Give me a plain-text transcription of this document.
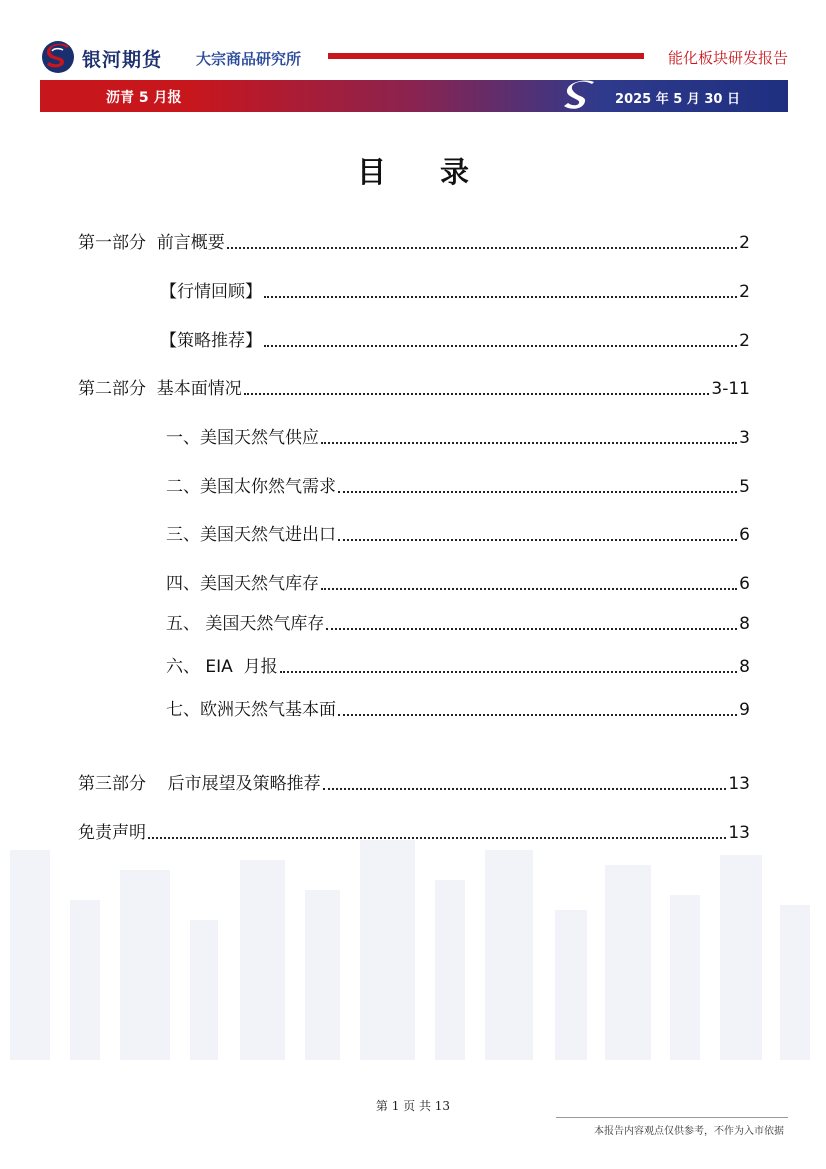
银河期货 大宗商品研究所	能化板块研发报告
沥青 5 月报	2025 年 5 月 30 日
目 录
第一部分  前言概要	2
【行情回顾】	2
【策略推荐】	2
第二部分  基本面情况	3-11
一、美国天然气供应	3
二、美国太你然气需求	5
三、美国天然气进出口	6
四、美国天然气库存	6
五、 美国天然气库存	8
六、 EIA  月报	8
七、欧洲天然气基本面	9
第三部分    后市展望及策略推荐	13
免责声明	13
第 1 页 共 13
本报告内容观点仅供参考，不作为入市依据
